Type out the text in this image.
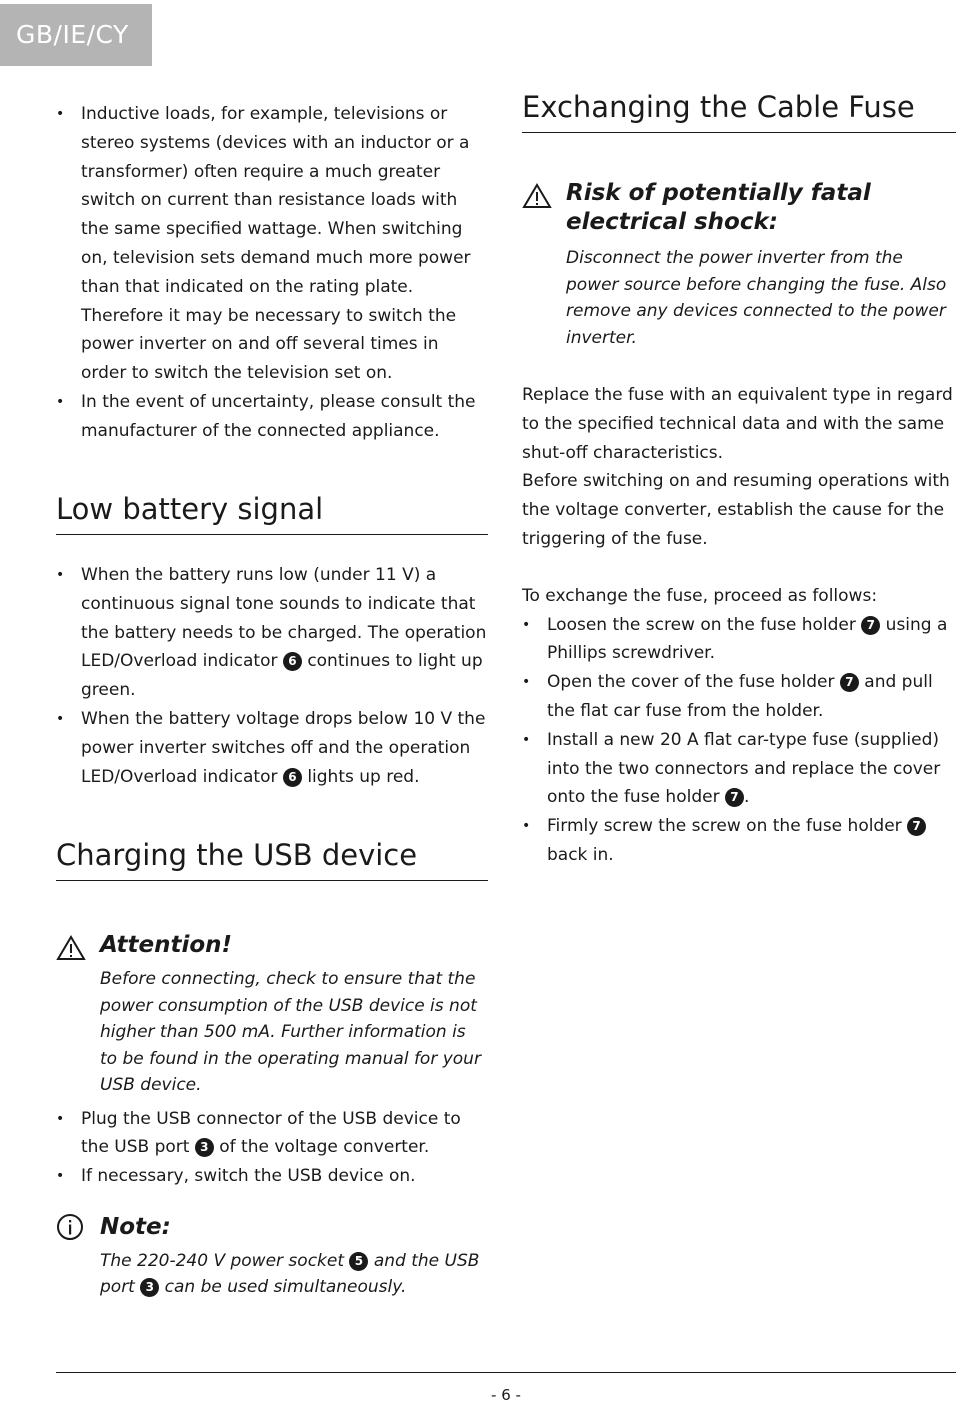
GB/IE/CY
• Inductive loads, for example, televisions or stereo systems (devices with an inductor or a transformer) often require a much greater switch on current than resistance loads with the same specified wattage. When switching on, television sets demand much more power than that indicated on the rating plate. Therefore it may be necessary to switch the power inverter on and off several times in order to switch the television set on.
• In the event of uncertainty, please consult the manufacturer of the connected appliance.
Low battery signal
• When the battery runs low (under 11 V) a continuous signal tone sounds to indicate that the battery needs to be charged. The operation LED/Overload indicator 6 continues to light up green.
• When the battery voltage drops below 10 V the power inverter switches off and the operation LED/Overload indicator 6 lights up red.
Charging the USB device

Attention!

Before connecting, check to ensure that the power consumption of the USB device is not higher than 500 mA. Further information is to be found in the operating manual for your USB device.

• Plug the USB connector of the USB device to the USB port 3 of the voltage converter.
• If necessary, switch the USB device on.

Note:

The 220-240 V power socket 5 and the USB port 3 can be used simultaneously.

Exchanging the Cable Fuse

Risk of potentially fatal electrical shock:

Disconnect the power inverter from the power source before changing the fuse. Also remove any devices connected to the power inverter.

Replace the fuse with an equivalent type in regard to the specified technical data and with the same shut-off characteristics.

Before switching on and resuming operations with the voltage converter, establish the cause for the triggering of the fuse.

To exchange the fuse, proceed as follows:

• Loosen the screw on the fuse holder 7 using a Phillips screwdriver.
• Open the cover of the fuse holder 7 and pull the flat car fuse from the holder.
• Install a new 20 A flat car-type fuse (supplied) into the two connectors and replace the cover onto the fuse holder 7 .
• Firmly screw the screw on the fuse holder 7 back in.
- 6 -
